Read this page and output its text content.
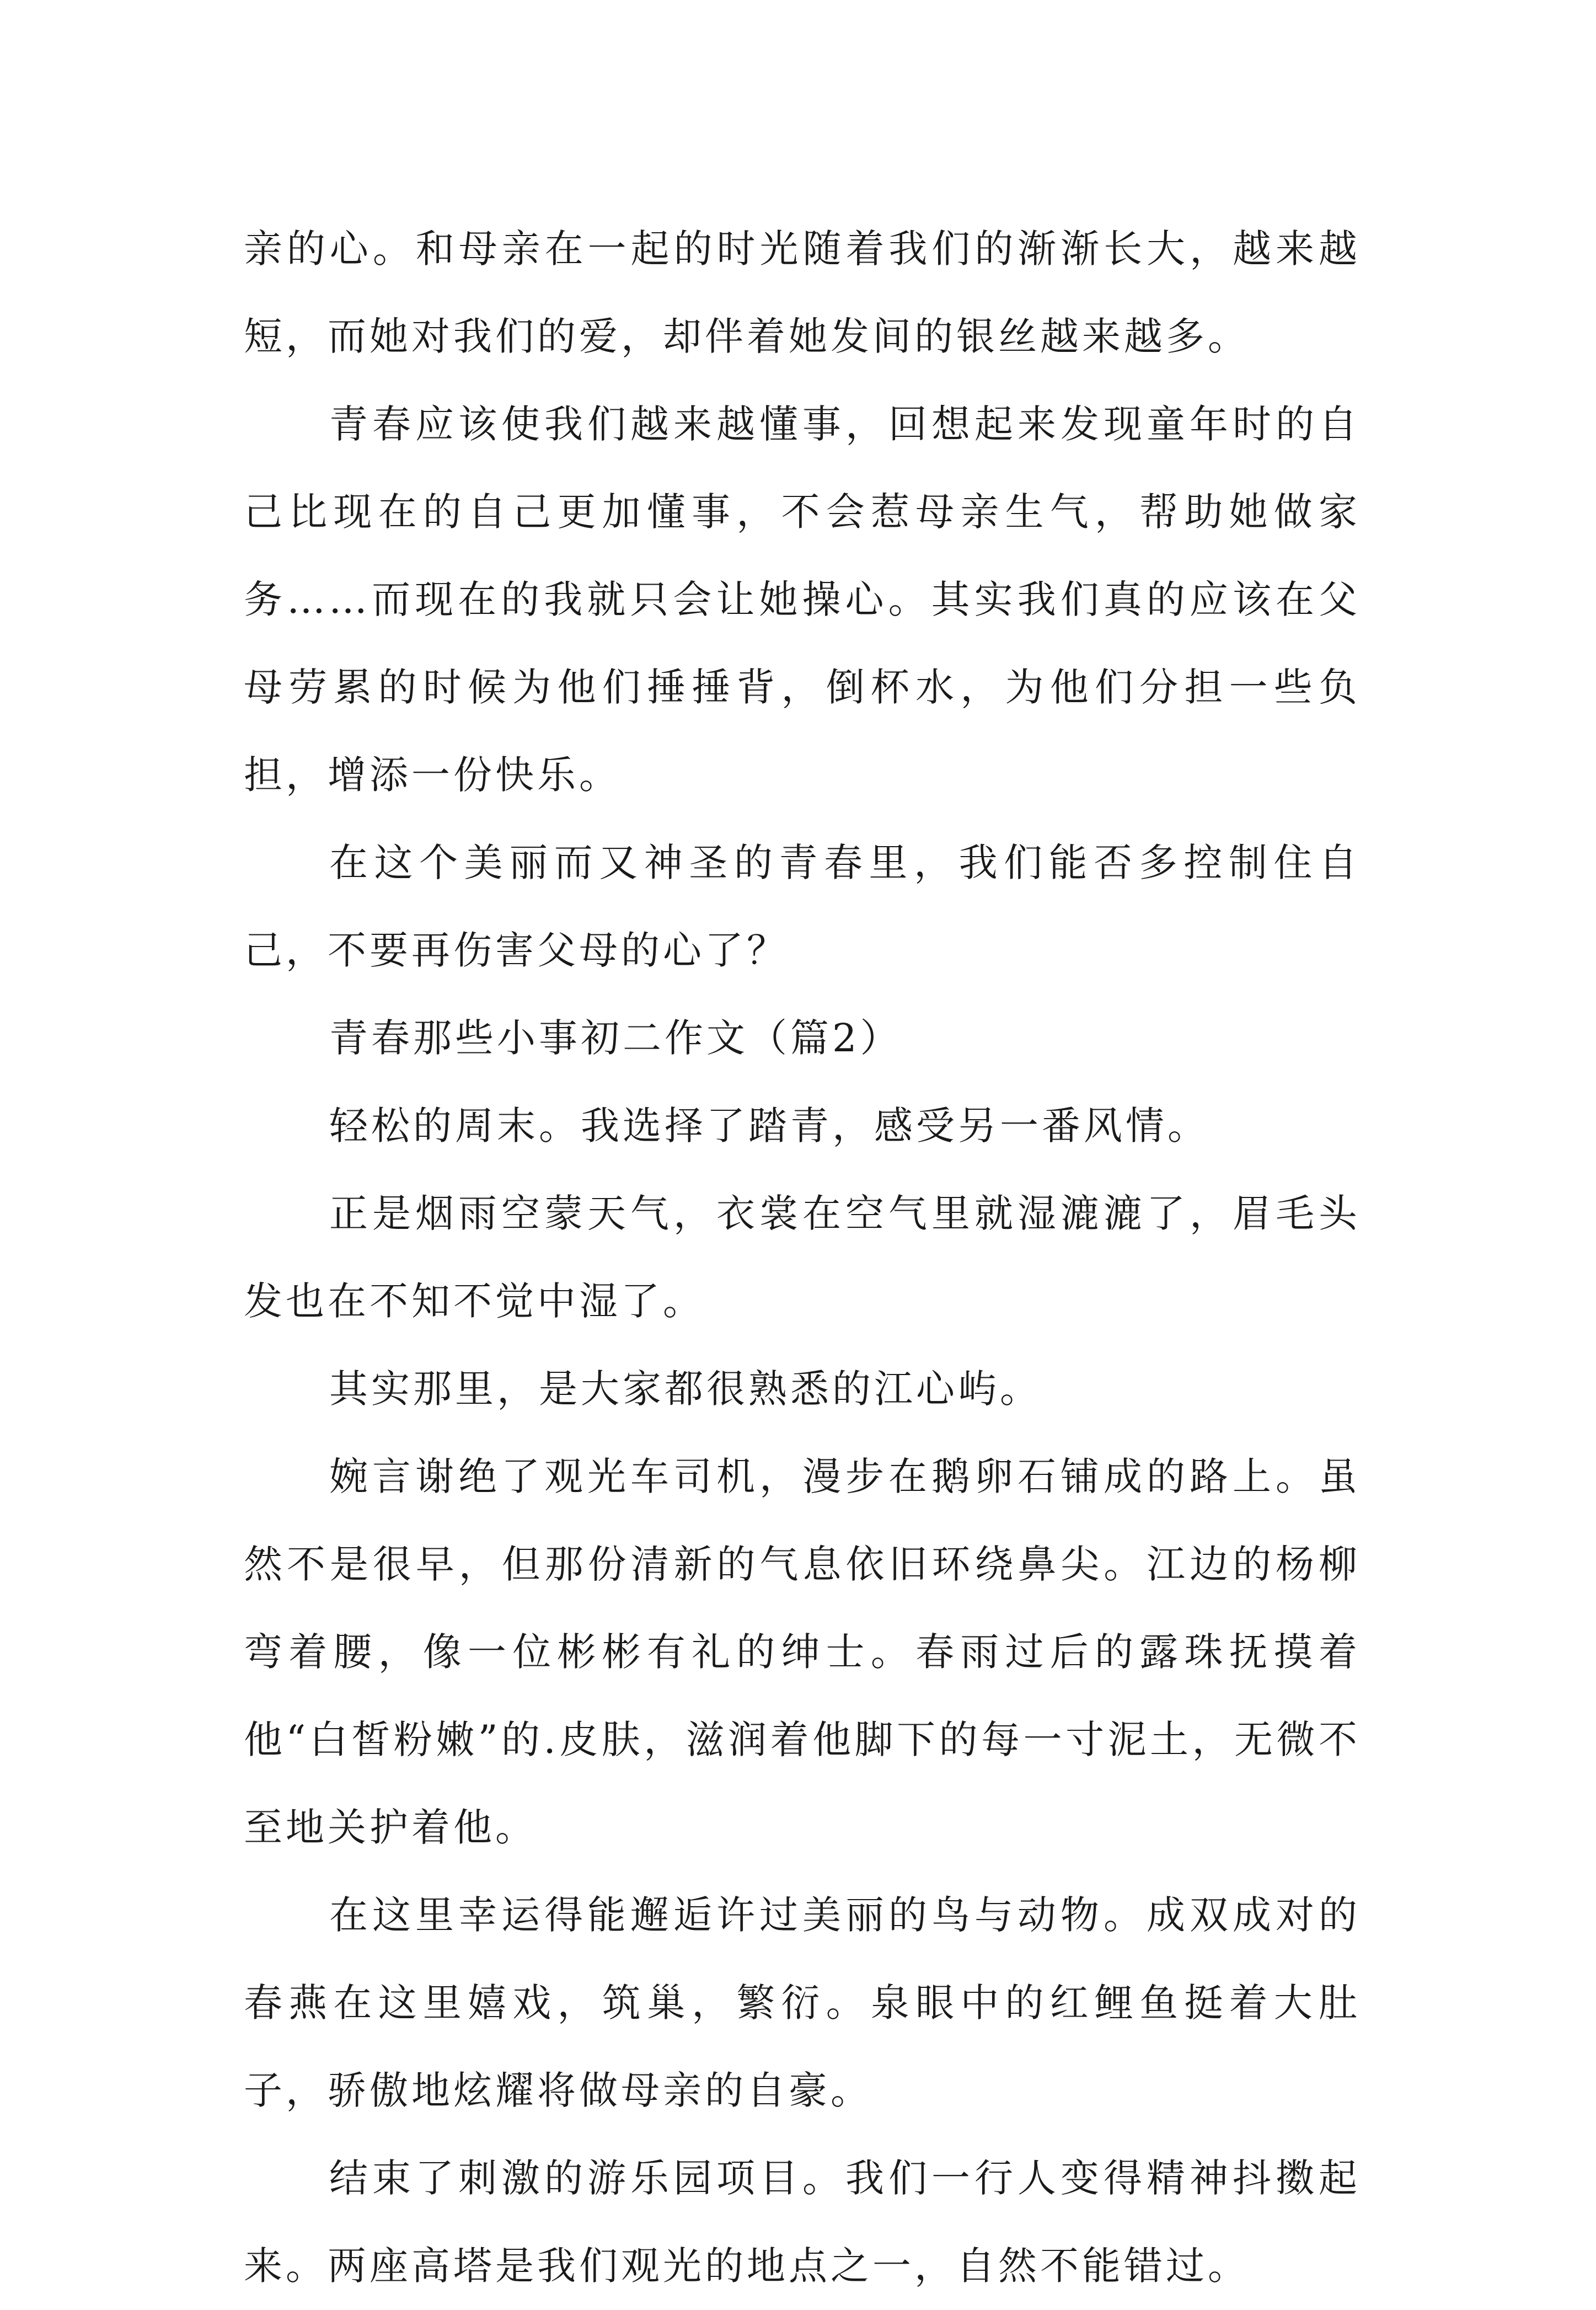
亲的心。和母亲在一起的时光随着我们的渐渐长大，越来越短，而她对我们的爱，却伴着她发间的银丝越来越多。

青春应该使我们越来越懂事，回想起来发现童年时的自己比现在的自己更加懂事，不会惹母亲生气，帮助她做家务……而现在的我就只会让她操心。其实我们真的应该在父母劳累的时候为他们捶捶背，倒杯水，为他们分担一些负担，增添一份快乐。

在这个美丽而又神圣的青春里，我们能否多控制住自己，不要再伤害父母的心了？

青春那些小事初二作文（篇2）

轻松的周末。我选择了踏青，感受另一番风情。

正是烟雨空蒙天气，衣裳在空气里就湿漉漉了，眉毛头发也在不知不觉中湿了。

其实那里，是大家都很熟悉的江心屿。

婉言谢绝了观光车司机，漫步在鹅卵石铺成的路上。虽然不是很早，但那份清新的气息依旧环绕鼻尖。江边的杨柳弯着腰，像一位彬彬有礼的绅士。春雨过后的露珠抚摸着他“白皙粉嫩”的.皮肤，滋润着他脚下的每一寸泥土，无微不至地关护着他。

在这里幸运得能邂逅许过美丽的鸟与动物。成双成对的春燕在这里嬉戏，筑巢，繁衍。泉眼中的红鲤鱼挺着大肚子，骄傲地炫耀将做母亲的自豪。

结束了刺激的游乐园项目。我们一行人变得精神抖擞起来。两座高塔是我们观光的地点之一，自然不能错过。
